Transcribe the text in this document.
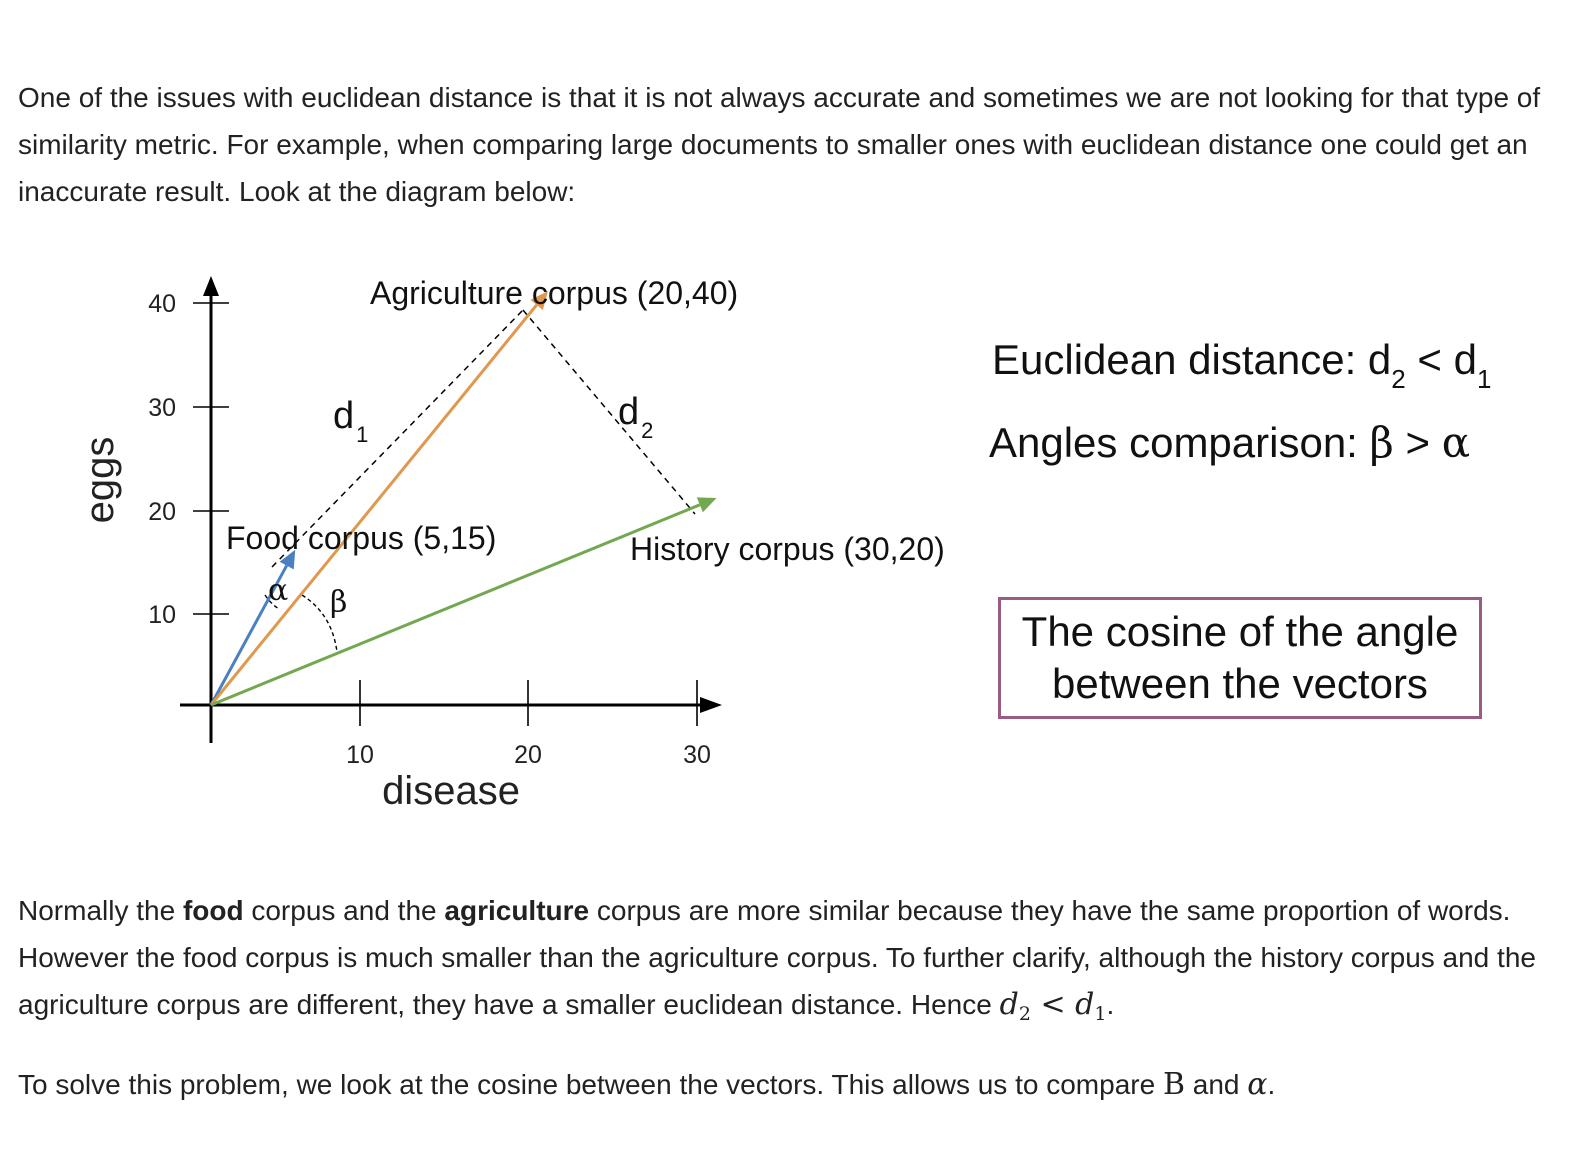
One of the issues with euclidean distance is that it is not always accurate and sometimes we are not looking for that type of similarity metric. For example, when comparing large documents to smaller ones with euclidean distance one could get an inaccurate result. Look at the diagram below:
40
30
20
10
10	20	30
disease
eggs
Agriculture corpus (20,40)
Food corpus (5,15)	History corpus (30,20)
$d_1$
$d_2$
α β
Euclidean distance: $d_2 < d_1$
Angles comparison: β > α
The cosine of the angle
between the vectors
Normally the food corpus and the agriculture corpus are more similar because they have the same proportion of words. However the food corpus is much smaller than the agriculture corpus. To further clarify, although the history corpus and the agriculture corpus are different, they have a smaller euclidean distance. Hence $d_2 < d_1$.
To solve this problem, we look at the cosine between the vectors. This allows us to compare B and α.
